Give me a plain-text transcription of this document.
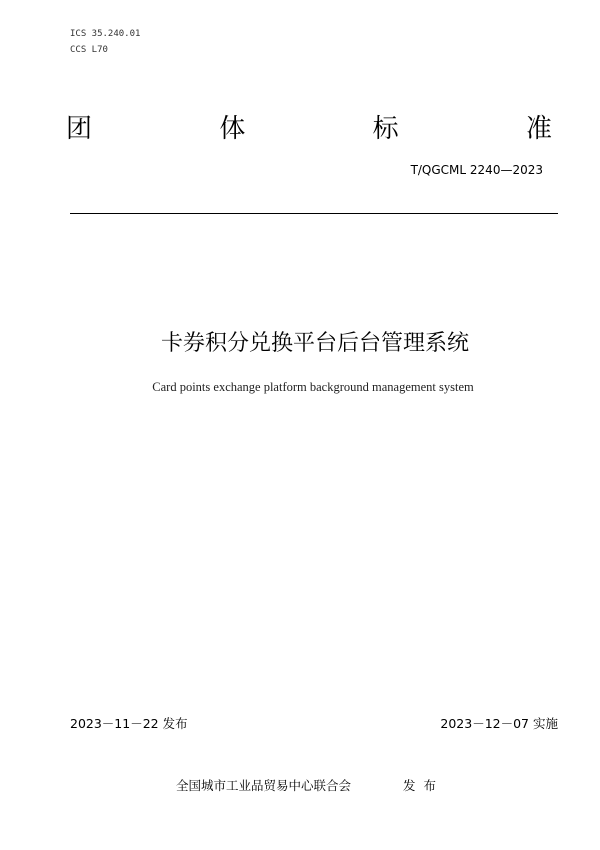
ICS 35.240.01
CCS L70
团	体	标	准
T/QGCML 2240—2023
卡券积分兑换平台后台管理系统
Card points exchange platform background management system
2023－11－22 发布	2023－12－07 实施
全国城市工业品贸易中心联合会	发布
